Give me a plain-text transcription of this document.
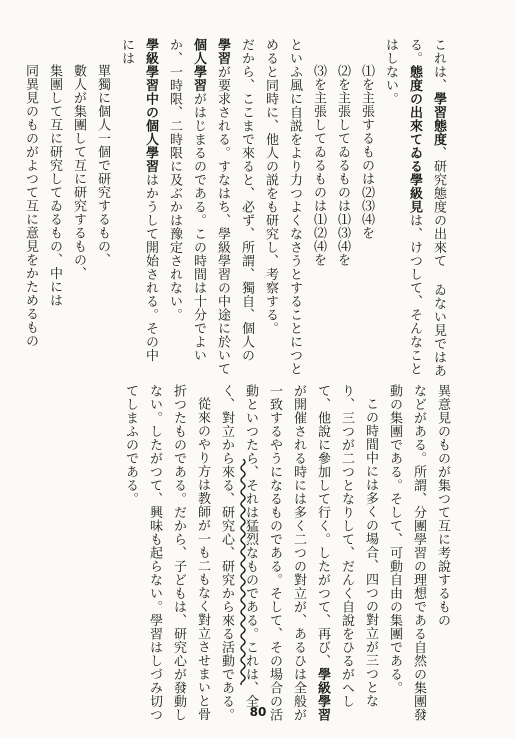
これは、學習態度、研究態度の出來て ゐない見ではあ
る。態度の出來てゐる學級見は、けつして、そんなこと
はしない。
⑴を主張するものは⑵⑶⑷を
⑵を主張してゐるものは⑴⑶⑷を
⑶を主張してゐるものは⑴⑵⑷を
といふ風に自説をより力つよくなさうとすることにつと
めると同時に、他人の説をも研究し、考察する。
だから、ここまで來ると、必ず、所謂、獨自、個人の
學習が要求される。すなはち、學級學習の中途に於いて
個人學習がはじまるのである。この時間は十分でよい
か、一時限、二時限に及ぶかは豫定されない。
學級學習中の個人學習はかうして開始される。その中
には
單獨に個人一個で研究するもの、
數人が集團して互に研究するもの、
集團して互に研究してゐるもの、中には
同異見のものがよつて互に意見をかためるもの
異意見のものが集つて互に考說するもの
などがある。所謂、分團學習の理想である自然の集團發
動の集團である。そして、可動自由の集團である。
この時間中には多くの場合、四つの對立が三つとな
り、三つが二つとなりして、だんく自說をひるがへし
て、他說に參加して行く。したがつて、再び、學級學習
が開催される時には多く二つの對立が、あるひは全般が
一致するやうになるものである。そして、その場合の活
動といつたら、それは猛烈なものである。これは、全
く、對立から來る、研究心、研究から來る活動である。
從來のやり方は教師が一も二もなく對立させまいと骨
折つたものである。だから、子どもは、研究心が發動し
ない。したがつて、興味も起らない。學習はしづみ切つ
てしまふのである。
80
